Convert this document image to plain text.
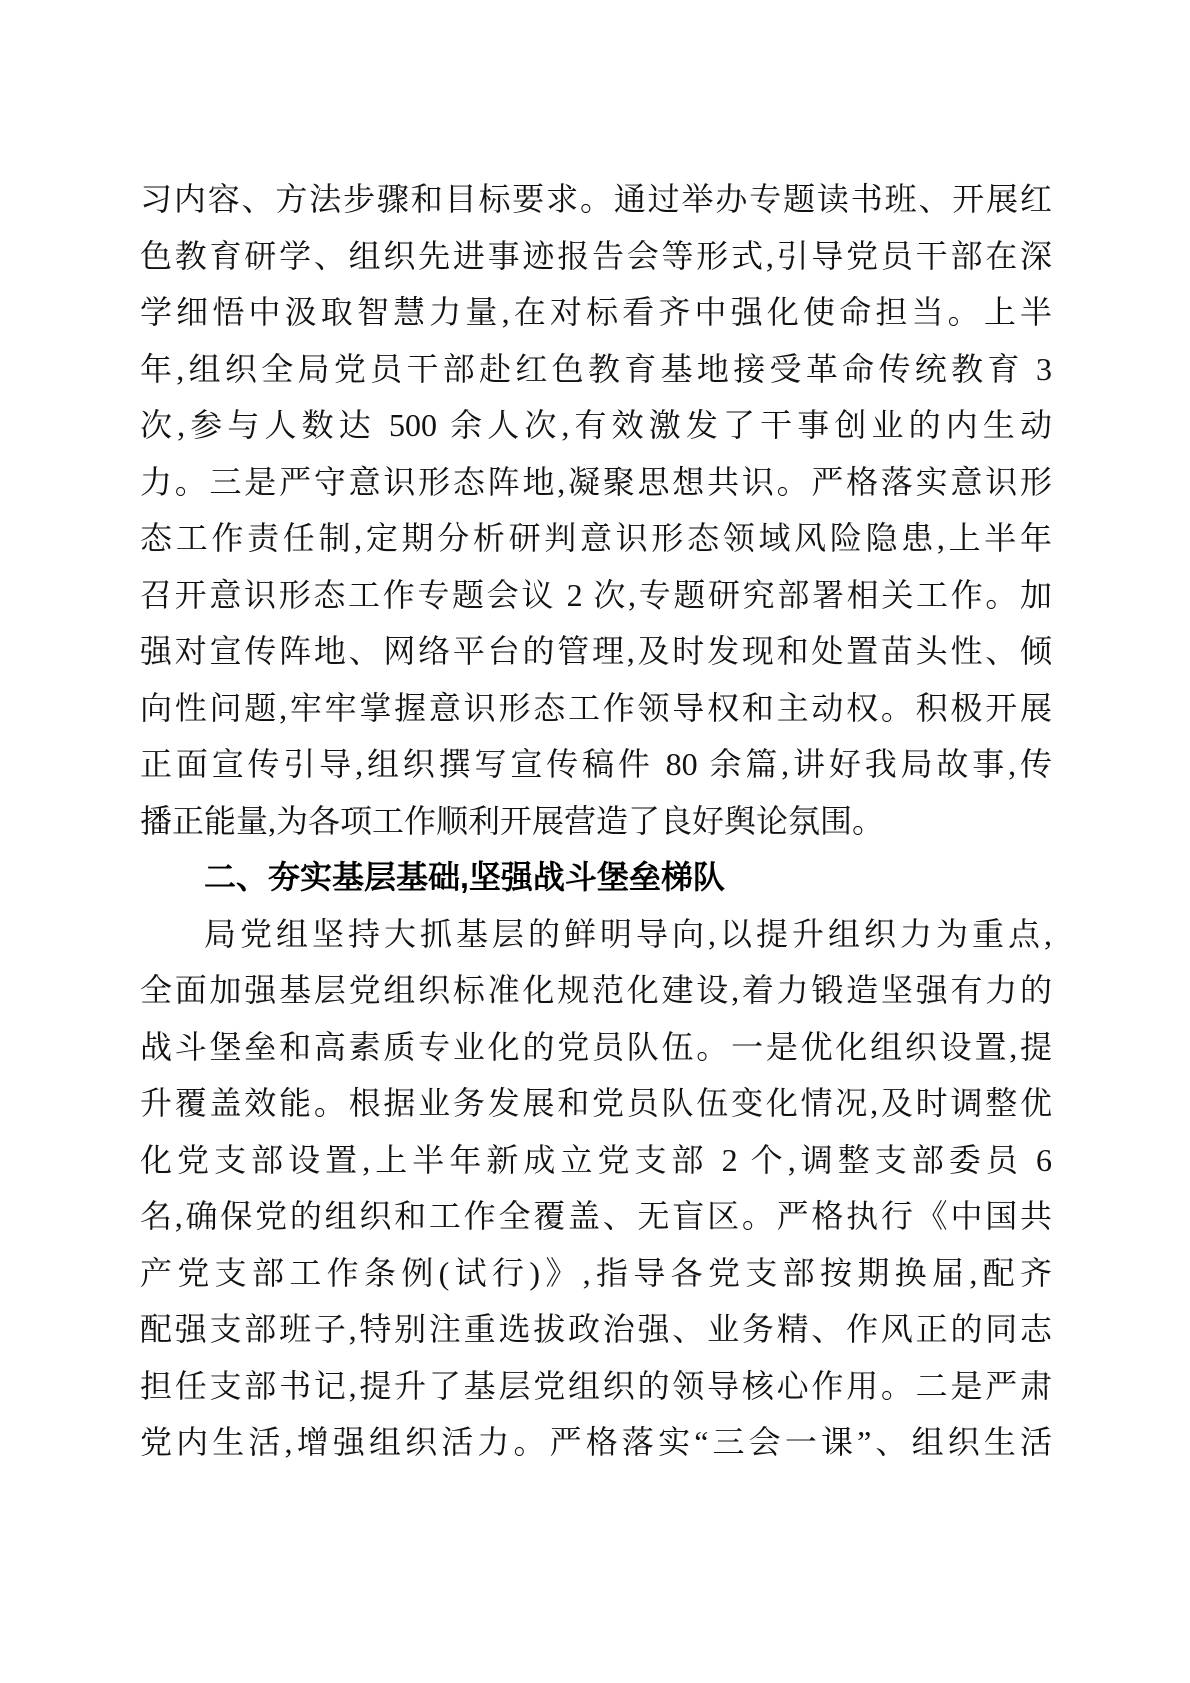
习内容、方法步骤和目标要求。通过举办专题读书班、开展红
色教育研学、组织先进事迹报告会等形式,引导党员干部在深
学细悟中汲取智慧力量,在对标看齐中强化使命担当。上半
年,组织全局党员干部赴红色教育基地接受革命传统教育 3
次,参与人数达 500 余人次,有效激发了干事创业的内生动
力。三是严守意识形态阵地,凝聚思想共识。严格落实意识形
态工作责任制,定期分析研判意识形态领域风险隐患,上半年
召开意识形态工作专题会议 2 次,专题研究部署相关工作。加
强对宣传阵地、网络平台的管理,及时发现和处置苗头性、倾
向性问题,牢牢掌握意识形态工作领导权和主动权。积极开展
正面宣传引导,组织撰写宣传稿件 80 余篇,讲好我局故事,传
播正能量,为各项工作顺利开展营造了良好舆论氛围。
二、夯实基层基础,坚强战斗堡垒梯队
局党组坚持大抓基层的鲜明导向,以提升组织力为重点,
全面加强基层党组织标准化规范化建设,着力锻造坚强有力的
战斗堡垒和高素质专业化的党员队伍。一是优化组织设置,提
升覆盖效能。根据业务发展和党员队伍变化情况,及时调整优
化党支部设置,上半年新成立党支部 2 个,调整支部委员 6
名,确保党的组织和工作全覆盖、无盲区。严格执行《中国共
产党支部工作条例(试行)》,指导各党支部按期换届,配齐
配强支部班子,特别注重选拔政治强、业务精、作风正的同志
担任支部书记,提升了基层党组织的领导核心作用。二是严肃
党内生活,增强组织活力。严格落实“三会一课”、组织生活
